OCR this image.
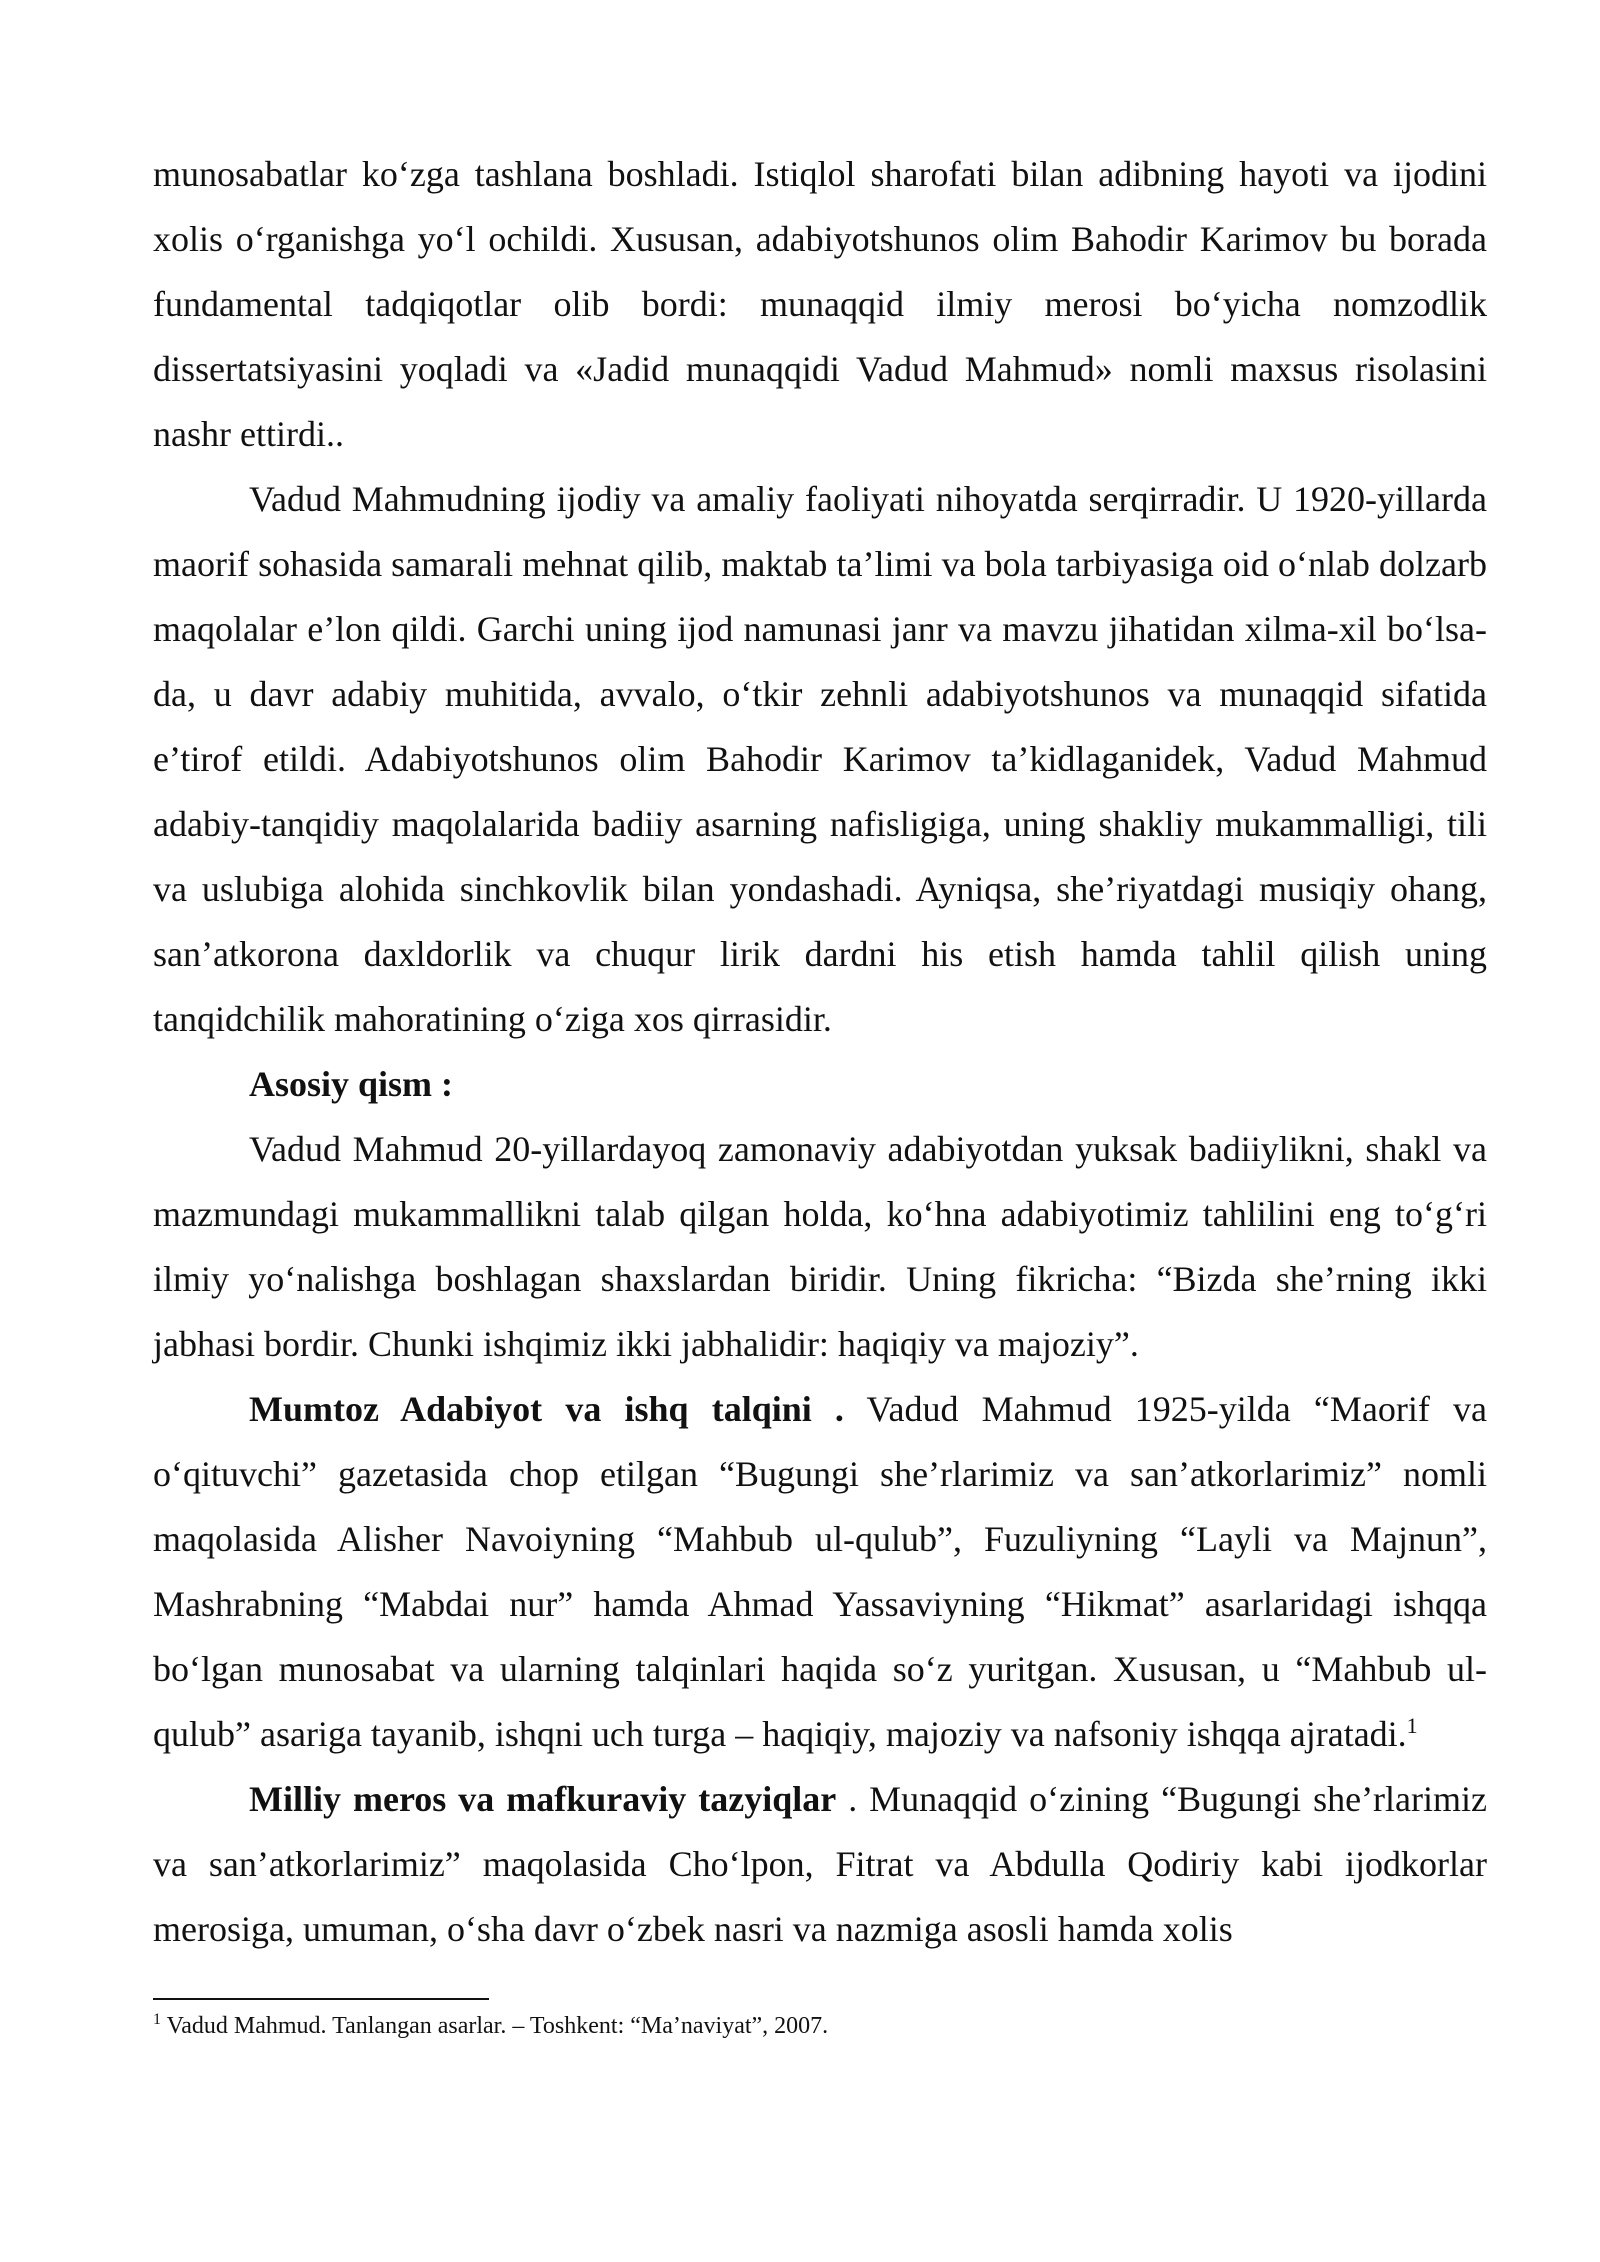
munosabatlar ko‘zga tashlana boshladi. Istiqlol sharofati bilan adibning hayoti va ijodini xolis o‘rganishga yo‘l ochildi. Xususan, adabiyotshunos olim Bahodir Karimov bu borada fundamental tadqiqotlar olib bordi: munaqqid ilmiy merosi bo‘yicha nomzodlik dissertatsiyasini yoqladi va «Jadid munaqqidi Vadud Mahmud» nomli maxsus risolasini nashr ettirdi..

Vadud Mahmudning ijodiy va amaliy faoliyati nihoyatda serqirradir. U 1920-yillarda maorif sohasida samarali mehnat qilib, maktab ta’limi va bola tarbiyasiga oid o‘nlab dolzarb maqolalar e’lon qildi. Garchi uning ijod namunasi janr va mavzu jihatidan xilma-xil bo‘lsa-da, u davr adabiy muhitida, avvalo, o‘tkir zehnli adabiyotshunos va munaqqid sifatida e’tirof etildi. Adabiyotshunos olim Bahodir Karimov ta’kidlaganidek, Vadud Mahmud adabiy-tanqidiy maqolalarida badiiy asarning nafisligiga, uning shakliy mukammalligi, tili va uslubiga alohida sinchkovlik bilan yondashadi. Ayniqsa, she’riyatdagi musiqiy ohang, san’atkorona daxldorlik va chuqur lirik dardni his etish hamda tahlil qilish uning tanqidchilik mahoratining o‘ziga xos qirrasidir.

Asosiy qism :

Vadud Mahmud 20-yillardayoq zamonaviy adabiyotdan yuksak badiiylikni, shakl va mazmundagi mukammallikni talab qilgan holda, ko‘hna adabiyotimiz tahlilini eng to‘g‘ri ilmiy yo‘nalishga boshlagan shaxslardan biridir. Uning fikricha: “Bizda she’rning ikki jabhasi bordir. Chunki ishqimiz ikki jabhalidir: haqiqiy va majoziy”.

Mumtoz Adabiyot va ishq talqini . Vadud Mahmud 1925-yilda “Maorif va o‘qituvchi” gazetasida chop etilgan “Bugungi she’rlarimiz va san’atkorlarimiz” nomli maqolasida Alisher Navoiyning “Mahbub ul-qulub”, Fuzuliyning “Layli va Majnun”, Mashrabning “Mabdai nur” hamda Ahmad Yassaviyning “Hikmat” asarlaridagi ishqqa bo‘lgan munosabat va ularning talqinlari haqida so‘z yuritgan. Xususan, u “Mahbub ul-qulub” asariga tayanib, ishqni uch turga – haqiqiy, majoziy va nafsoniy ishqqa ajratadi.$^1$

Milliy meros va mafkuraviy tazyiqlar . Munaqqid o‘zining “Bugungi she’rlarimiz va san’atkorlarimiz” maqolasida Cho‘lpon, Fitrat va Abdulla Qodiriy kabi ijodkorlar merosiga, umuman, o‘sha davr o‘zbek nasri va nazmiga asosli hamda xolis

$^1$ Vadud Mahmud. Tanlangan asarlar. – Toshkent: “Ma’naviyat”, 2007.
